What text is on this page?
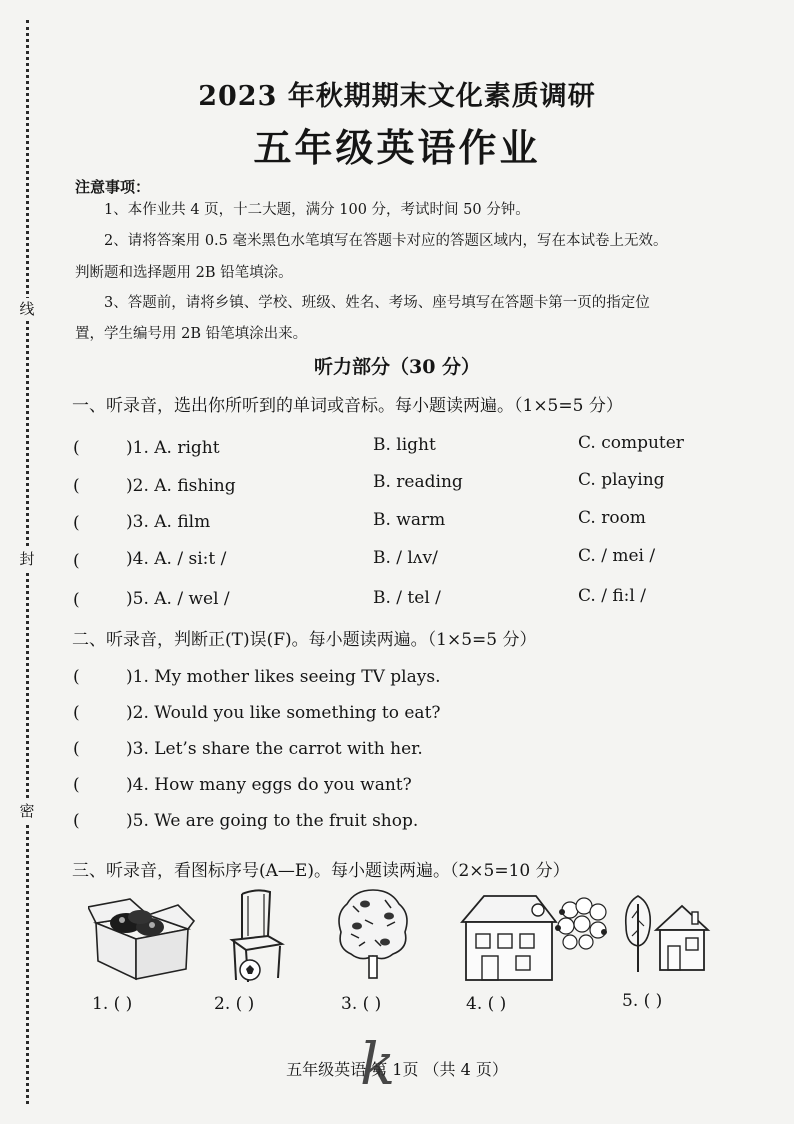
线
封
密
2023 年秋期期末文化素质调研
五年级英语作业
注意事项：
1、本作业共 4 页，十二大题，满分 100 分，考试时间 50 分钟。
2、请将答案用 0.5 毫米黑色水笔填写在答题卡对应的答题区域内，写在本试卷上无效。
判断题和选择题用 2B 铅笔填涂。
3、答题前，请将乡镇、学校、班级、姓名、考场、座号填写在答题卡第一页的指定位
置，学生编号用 2B 铅笔填涂出来。
听力部分（30 分）
一、听录音，选出你所听到的单词或音标。每小题读两遍。（1×5=5 分）
(	)1. A. right	B. light	C. computer
(	)2. A. fishing	B. reading	C. playing
(	)3. A. film	B. warm	C. room
(	)4. A. / si:t /	B. / lʌv/	C. / mei /
(	)5. A. / wel /	B. / tel /	C. / fi:l /
二、听录音，判断正(T)误(F)。每小题读两遍。（1×5=5 分）
(	)1. My mother likes seeing TV plays.
(	)2. Would you like something to eat?
(	)3. Let’s share the carrot with her.
(	)4. How many eggs do you want?
(	)5. We are going to the fruit shop.
三、听录音，看图标序号(A—E)。每小题读两遍。（2×5=10 分）
1. ( )	2. ( )	3. ( )	4. ( )	5. ( )
五年级英语 第 1页 （共 4 页）
k
